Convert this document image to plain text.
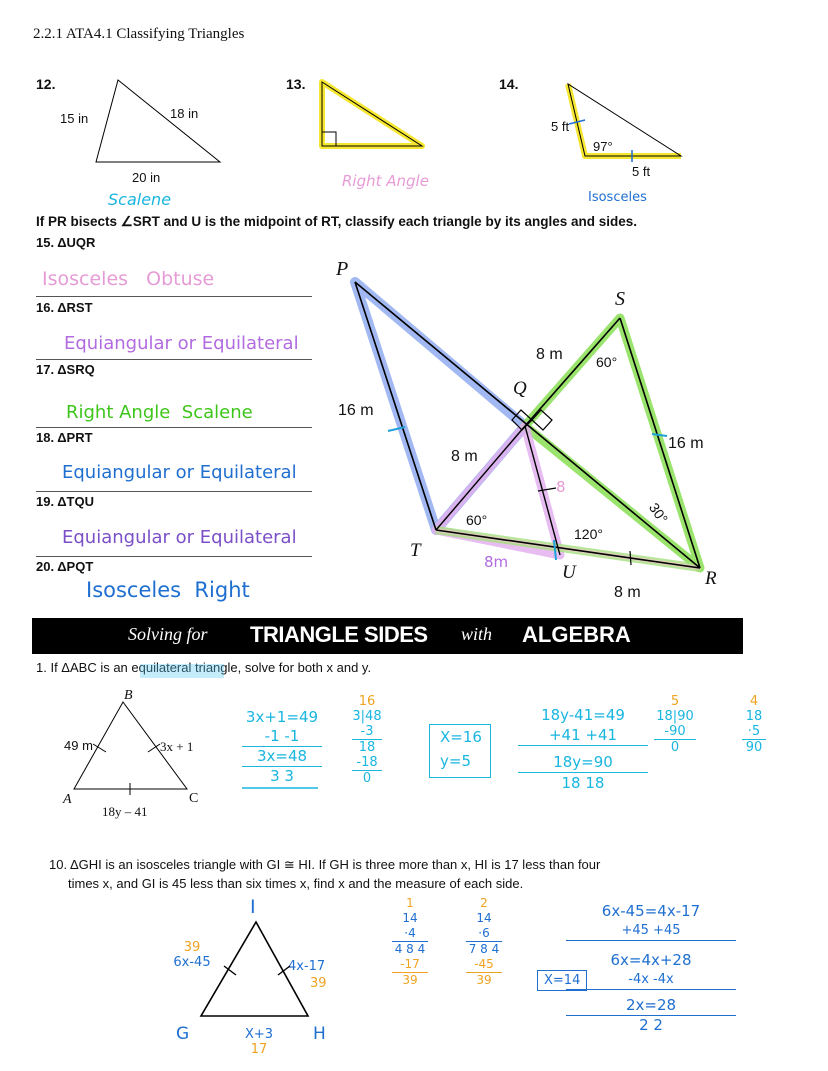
2.2.1 ATA4.1 Classifying Triangles
12.
15 in	18 in
20 in
Scalene
13.
Right Angle
14.
5 ft
97°
5 ft
Isosceles
If PR bisects ∠SRT and U is the midpoint of RT, classify each triangle by its angles and sides.
15. ΔUQR
Isosceles   Obtuse
16. ΔRST
Equiangular or Equilateral
17. ΔSRQ
Right Angle  Scalene
18. ΔPRT
Equiangular or Equilateral
19. ΔTQU
Equiangular or Equilateral
20. ΔPQT
Isosceles  Right
P
S
Q
T
U	R
16 m
8 m
8 m
16 m
8 m
60°
60°	30°
120°
8
8m
Solving for TRIANGLE SIDES with ALGEBRA
1. If ΔABC is an equilateral triangle, solve for both x and y.
B
A	C
49 m	3x + 1
18y – 41
3x+1=49
-1 -1
3x=48
3 3
16
3|48
-3
18
-18
0
X=16
y=5
18y-41=49
+41 +41
18y=90
18 18
5
18|90
-90
0
4
18
·5
90
10. ΔGHI is an isosceles triangle with GI ≅ HI. If GH is three more than x, HI is 17 less than four
times x, and GI is 45 less than six times x, find x and the measure of each side.
I
G	H
39
6x-45	4x-17
39
X+3
17
1
14
·4
4 8 4
-17
39
2
14
·6
7 8 4
-45
39	X=14
6x-45=4x-17
+45 +45
6x=4x+28
-4x -4x
2x=28
2 2
